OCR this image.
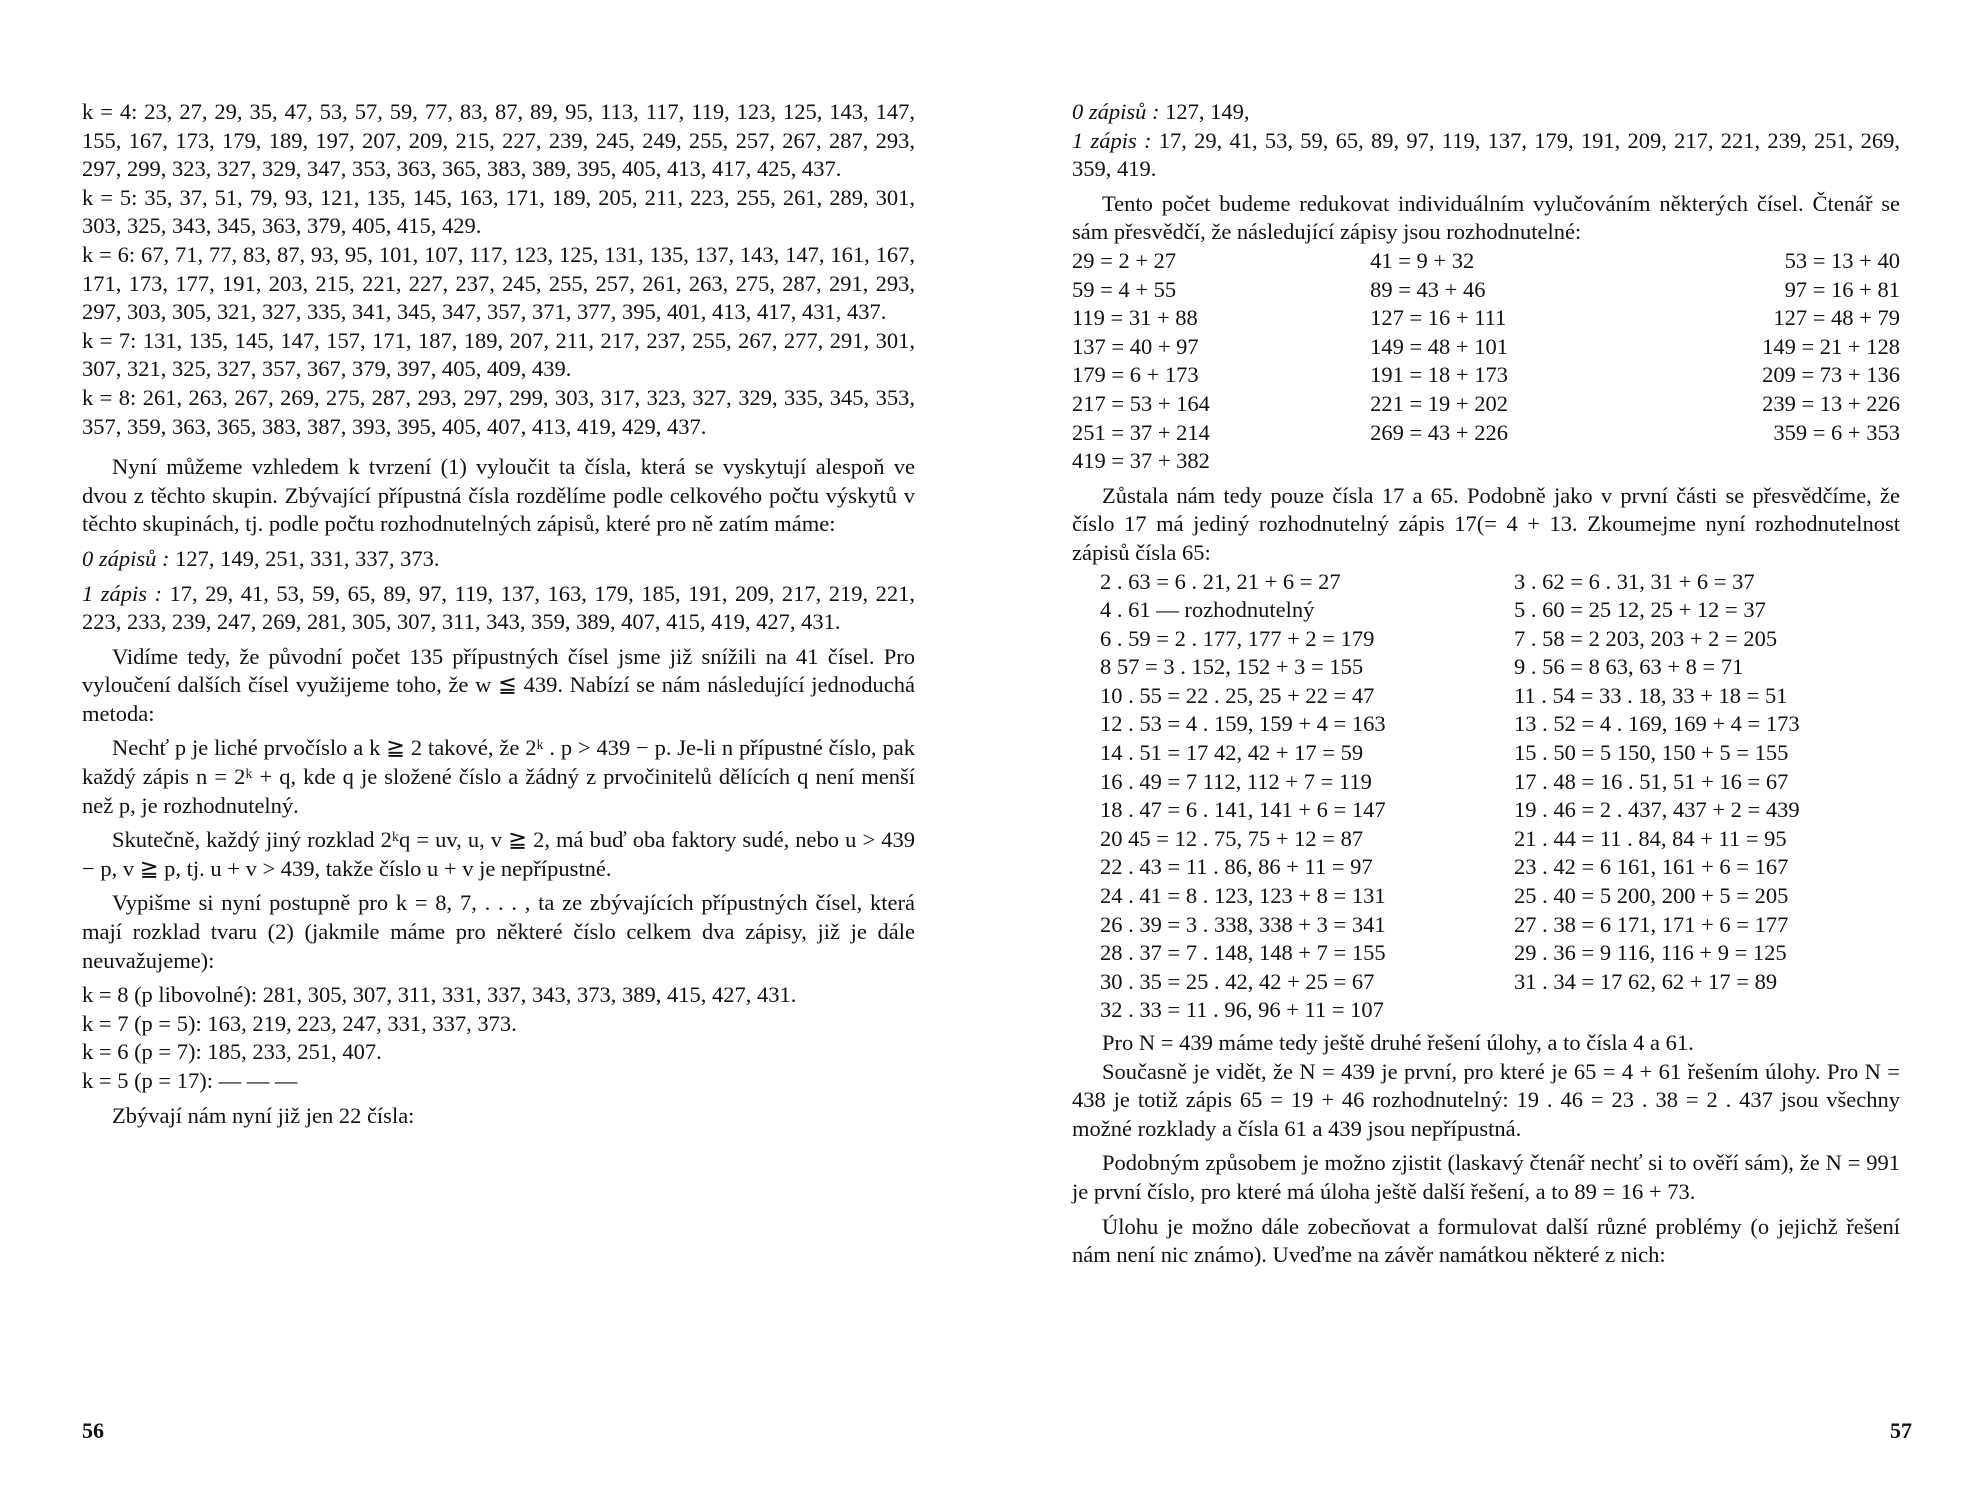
k = 4: 23, 27, 29, 35, 47, 53, 57, 59, 77, 83, 87, 89, 95, 113, 117, 119, 123, 125, 143, 147, 155, 167, 173, 179, 189, 197, 207, 209, 215, 227, 239, 245, 249, 255, 257, 267, 287, 293, 297, 299, 323, 327, 329, 347, 353, 363, 365, 383, 389, 395, 405, 413, 417, 425, 437.
k = 5: 35, 37, 51, 79, 93, 121, 135, 145, 163, 171, 189, 205, 211, 223, 255, 261, 289, 301, 303, 325, 343, 345, 363, 379, 405, 415, 429.
k = 6: 67, 71, 77, 83, 87, 93, 95, 101, 107, 117, 123, 125, 131, 135, 137, 143, 147, 161, 167, 171, 173, 177, 191, 203, 215, 221, 227, 237, 245, 255, 257, 261, 263, 275, 287, 291, 293, 297, 303, 305, 321, 327, 335, 341, 345, 347, 357, 371, 377, 395, 401, 413, 417, 431, 437.
k = 7: 131, 135, 145, 147, 157, 171, 187, 189, 207, 211, 217, 237, 255, 267, 277, 291, 301, 307, 321, 325, 327, 357, 367, 379, 397, 405, 409, 439.
k = 8: 261, 263, 267, 269, 275, 287, 293, 297, 299, 303, 317, 323, 327, 329, 335, 345, 353, 357, 359, 363, 365, 383, 387, 393, 395, 405, 407, 413, 419, 429, 437.
Nyní můžeme vzhledem k tvrzení (1) vyloučit ta čísla, která se vyskytují alespoň ve dvou z těchto skupin. Zbývající přípustná čísla rozdělíme podle celkového počtu výskytů v těchto skupinách, tj. podle počtu rozhodnutelných zápisů, které pro ně zatím máme:
0 zápisů : 127, 149, 251, 331, 337, 373.
1 zápis : 17, 29, 41, 53, 59, 65, 89, 97, 119, 137, 163, 179, 185, 191, 209, 217, 219, 221, 223, 233, 239, 247, 269, 281, 305, 307, 311, 343, 359, 389, 407, 415, 419, 427, 431.
Vidíme tedy, že původní počet 135 přípustných čísel jsme již snížili na 41 čísel. Pro vyloučení dalších čísel využijeme toho, že w ≦ 439. Nabízí se nám následující jednoduchá metoda:
Nechť p je liché prvočíslo a k ≧ 2 takové, že 2ᵏ . p > 439 − p. Je-li n přípustné číslo, pak každý zápis n = 2ᵏ + q, kde q je složené číslo a žádný z prvočinitelů dělících q není menší než p, je rozhodnutelný.
Skutečně, každý jiný rozklad 2ᵏq = uv, u, v ≧ 2, má buď oba faktory sudé, nebo u > 439 − p, v ≧ p, tj. u + v > 439, takže číslo u + v je nepřípustné.
Vypišme si nyní postupně pro k = 8, 7, . . . , ta ze zbývajících přípustných čísel, která mají rozklad tvaru (2) (jakmile máme pro některé číslo celkem dva zápisy, již je dále neuvažujeme):
k = 8 (p libovolné): 281, 305, 307, 311, 331, 337, 343, 373, 389, 415, 427, 431.
k = 7 (p = 5): 163, 219, 223, 247, 331, 337, 373.
k = 6 (p = 7): 185, 233, 251, 407.
k = 5 (p = 17): — — —
Zbývají nám nyní již jen 22 čísla:
56
0 zápisů : 127, 149,
1 zápis : 17, 29, 41, 53, 59, 65, 89, 97, 119, 137, 179, 191, 209, 217, 221, 239, 251, 269, 359, 419.
Tento počet budeme redukovat individuálním vylučováním některých čísel. Čtenář se sám přesvědčí, že následující zápisy jsou rozhodnutelné:
29 = 2 + 27	41 = 9 + 32	53 = 13 + 40
59 = 4 + 55	89 = 43 + 46	97 = 16 + 81
119 = 31 + 88	127 = 16 + 111	127 = 48 + 79
137 = 40 + 97	149 = 48 + 101	149 = 21 + 128
179 = 6 + 173	191 = 18 + 173	209 = 73 + 136
217 = 53 + 164	221 = 19 + 202	239 = 13 + 226
251 = 37 + 214	269 = 43 + 226	359 = 6 + 353
419 = 37 + 382		
Zůstala nám tedy pouze čísla 17 a 65. Podobně jako v první části se přesvědčíme, že číslo 17 má jediný rozhodnutelný zápis 17(= 4 + 13. Zkoumejme nyní rozhodnutelnost zápisů čísla 65:
2 . 63 = 6 . 21, 21 + 6 = 27	3 . 62 = 6 . 31, 31 + 6 = 37
4 . 61 — rozhodnutelný	5 . 60 = 25 12, 25 + 12 = 37
6 . 59 = 2 . 177, 177 + 2 = 179	7 . 58 = 2 203, 203 + 2 = 205
8 57 = 3 . 152, 152 + 3 = 155	9 . 56 = 8 63, 63 + 8 = 71
10 . 55 = 22 . 25, 25 + 22 = 47	11 . 54 = 33 . 18, 33 + 18 = 51
12 . 53 = 4 . 159, 159 + 4 = 163	13 . 52 = 4 . 169, 169 + 4 = 173
14 . 51 = 17 42, 42 + 17 = 59	15 . 50 = 5 150, 150 + 5 = 155
16 . 49 = 7 112, 112 + 7 = 119	17 . 48 = 16 . 51, 51 + 16 = 67
18 . 47 = 6 . 141, 141 + 6 = 147	19 . 46 = 2 . 437, 437 + 2 = 439
20 45 = 12 . 75, 75 + 12 = 87	21 . 44 = 11 . 84, 84 + 11 = 95
22 . 43 = 11 . 86, 86 + 11 = 97	23 . 42 = 6 161, 161 + 6 = 167
24 . 41 = 8 . 123, 123 + 8 = 131	25 . 40 = 5 200, 200 + 5 = 205
26 . 39 = 3 . 338, 338 + 3 = 341	27 . 38 = 6 171, 171 + 6 = 177
28 . 37 = 7 . 148, 148 + 7 = 155	29 . 36 = 9 116, 116 + 9 = 125
30 . 35 = 25 . 42, 42 + 25 = 67	31 . 34 = 17 62, 62 + 17 = 89
32 . 33 = 11 . 96, 96 + 11 = 107	
Pro N = 439 máme tedy ještě druhé řešení úlohy, a to čísla 4 a 61.
Současně je vidět, že N = 439 je první, pro které je 65 = 4 + 61 řešením úlohy. Pro N = 438 je totiž zápis 65 = 19 + 46 rozhodnutelný: 19 . 46 = 23 . 38 = 2 . 437 jsou všechny možné rozklady a čísla 61 a 439 jsou nepřípustná.
Podobným způsobem je možno zjistit (laskavý čtenář nechť si to ověří sám), že N = 991 je první číslo, pro které má úloha ještě další řešení, a to 89 = 16 + 73.
Úlohu je možno dále zobecňovat a formulovat další různé problémy (o jejichž řešení nám není nic známo). Uveďme na závěr namátkou některé z nich:
57
